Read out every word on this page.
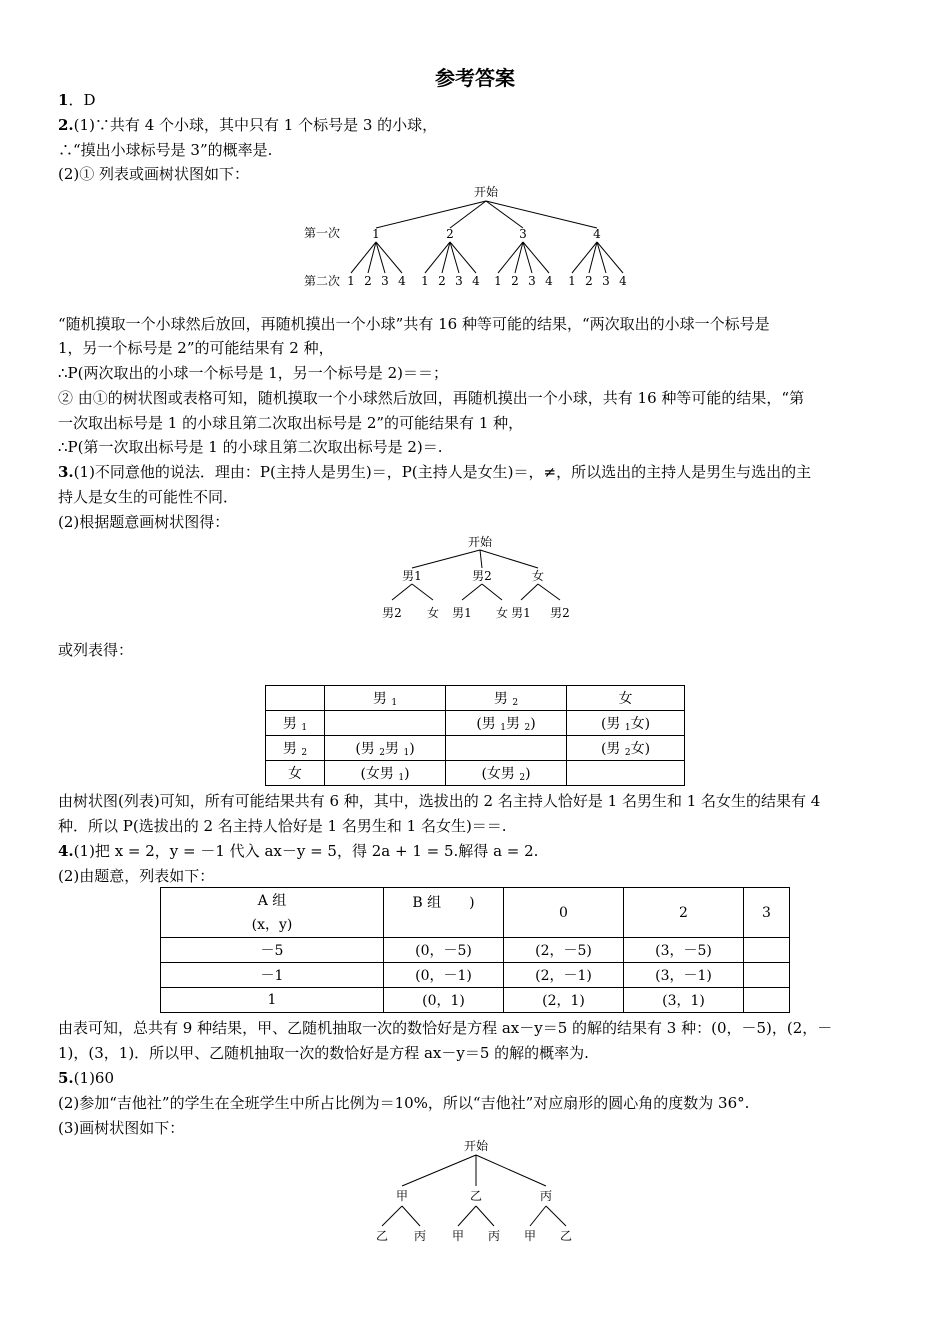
参考答案
1．D
2.(1)∵共有 4 个小球，其中只有 1 个标号是 3 的小球，
∴“摸出小球标号是 3”的概率是.
(2)① 列表或画树状图如下：
开始
第一次
第二次
1	2	3	4
1 2 3 4 1 2 3 4 1 2 3 4 1 2 3 4
“随机摸取一个小球然后放回，再随机摸出一个小球”共有 16 种等可能的结果，“两次取出的小球一个标号是
1，另一个标号是 2”的可能结果有 2 种，
∴P(两次取出的小球一个标号是 1，另一个标号是 2)＝＝；
② 由①的树状图或表格可知，随机摸取一个小球然后放回，再随机摸出一个小球，共有 16 种等可能的结果，“第
一次取出标号是 1 的小球且第二次取出标号是 2”的可能结果有 1 种，
∴P(第一次取出标号是 1 的小球且第二次取出标号是 2)＝.
3.(1)不同意他的说法．理由：P(主持人是男生)＝，P(主持人是女生)＝，≠，所以选出的主持人是男生与选出的主
持人是女生的可能性不同．
(2)根据题意画树状图得：
开始
男1	男2	女
男2 女 男1 女 男1 男2
或列表得：
	男 $_1$	男 $_2$	女
男 $_1$		(男 $_1$男 $_2$)	(男 $_1$女)
男 $_2$	(男 $_2$男 $_1$)		(男 $_2$女)
女	(女男 $_1$)	(女男 $_2$)	
由树状图(列表)可知，所有可能结果共有 6 种，其中，选拔出的 2 名主持人恰好是 1 名男生和 1 名女生的结果有 4
种．所以 P(选拔出的 2 名主持人恰好是 1 名男生和 1 名女生)＝＝.
4.(1)把 x = 2，y = －1 代入 ax－y = 5，得 2a + 1 = 5.解得 a = 2.
(2)由题意，列表如下：
A 组
(x，y)	B 组　　)	0	2	3
－5	(0，－5)	(2，－5)	(3，－5)	
－1	(0，－1)	(2，－1)	(3，－1)	
1	(0，1)	(2，1)	(3，1)	
由表可知，总共有 9 种结果，甲、乙随机抽取一次的数恰好是方程 ax－y＝5 的解的结果有 3 种：(0，－5)，(2，－
1)，(3，1)．所以甲、乙随机抽取一次的数恰好是方程 ax－y＝5 的解的概率为.
5.(1)60
(2)参加“吉他社”的学生在全班学生中所占比例为＝10%，所以“吉他社”对应扇形的圆心角的度数为 36°.
(3)画树状图如下：
开始
甲	乙	丙
乙 丙 甲 丙 甲 乙
